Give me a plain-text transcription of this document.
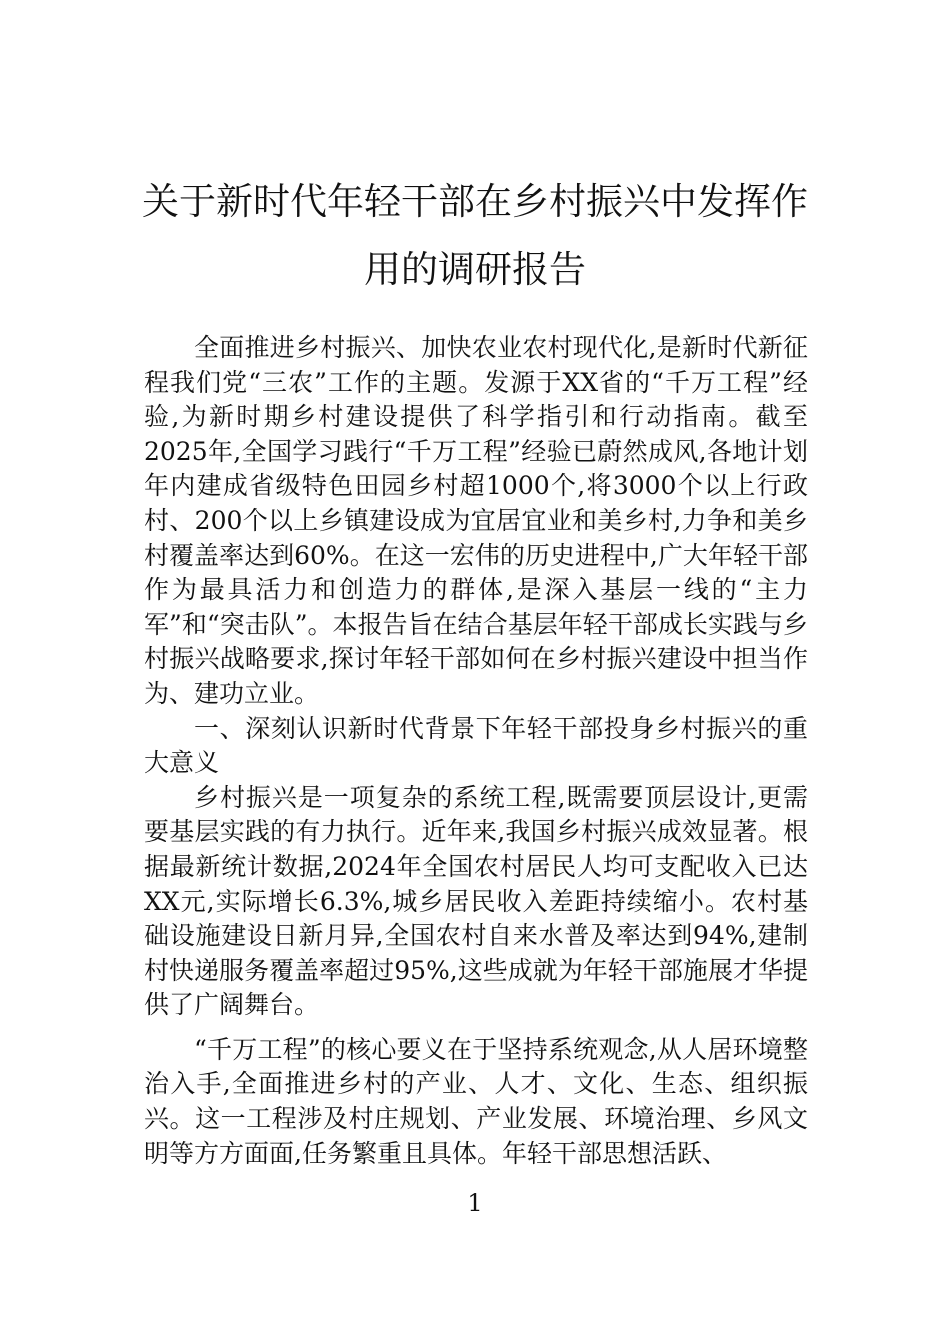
关于新时代年轻干部在乡村振兴中发挥作
用的调研报告

全面推进乡村振兴、加快农业农村现代化,是新时代新征程我们党“三农”工作的主题。发源于XX省的“千万工程”经验,为新时期乡村建设提供了科学指引和行动指南。截至2025年,全国学习践行“千万工程”经验已蔚然成风,各地计划年内建成省级特色田园乡村超1000个,将3000个以上行政村、200个以上乡镇建设成为宜居宜业和美乡村,力争和美乡村覆盖率达到60%。在这一宏伟的历史进程中,广大年轻干部作为最具活力和创造力的群体,是深入基层一线的“主力军”和“突击队”。本报告旨在结合基层年轻干部成长实践与乡村振兴战略要求,探讨年轻干部如何在乡村振兴建设中担当作为、建功立业。

一、深刻认识新时代背景下年轻干部投身乡村振兴的重大意义

乡村振兴是一项复杂的系统工程,既需要顶层设计,更需要基层实践的有力执行。近年来,我国乡村振兴成效显著。根据最新统计数据,2024年全国农村居民人均可支配收入已达XX元,实际增长6.3%,城乡居民收入差距持续缩小。农村基础设施建设日新月异,全国农村自来水普及率达到94%,建制村快递服务覆盖率超过95%,这些成就为年轻干部施展才华提供了广阔舞台。

“千万工程”的核心要义在于坚持系统观念,从人居环境整治入手,全面推进乡村的产业、人才、文化、生态、组织振兴。这一工程涉及村庄规划、产业发展、环境治理、乡风文明等方方面面,任务繁重且具体。年轻干部思想活跃、

1
